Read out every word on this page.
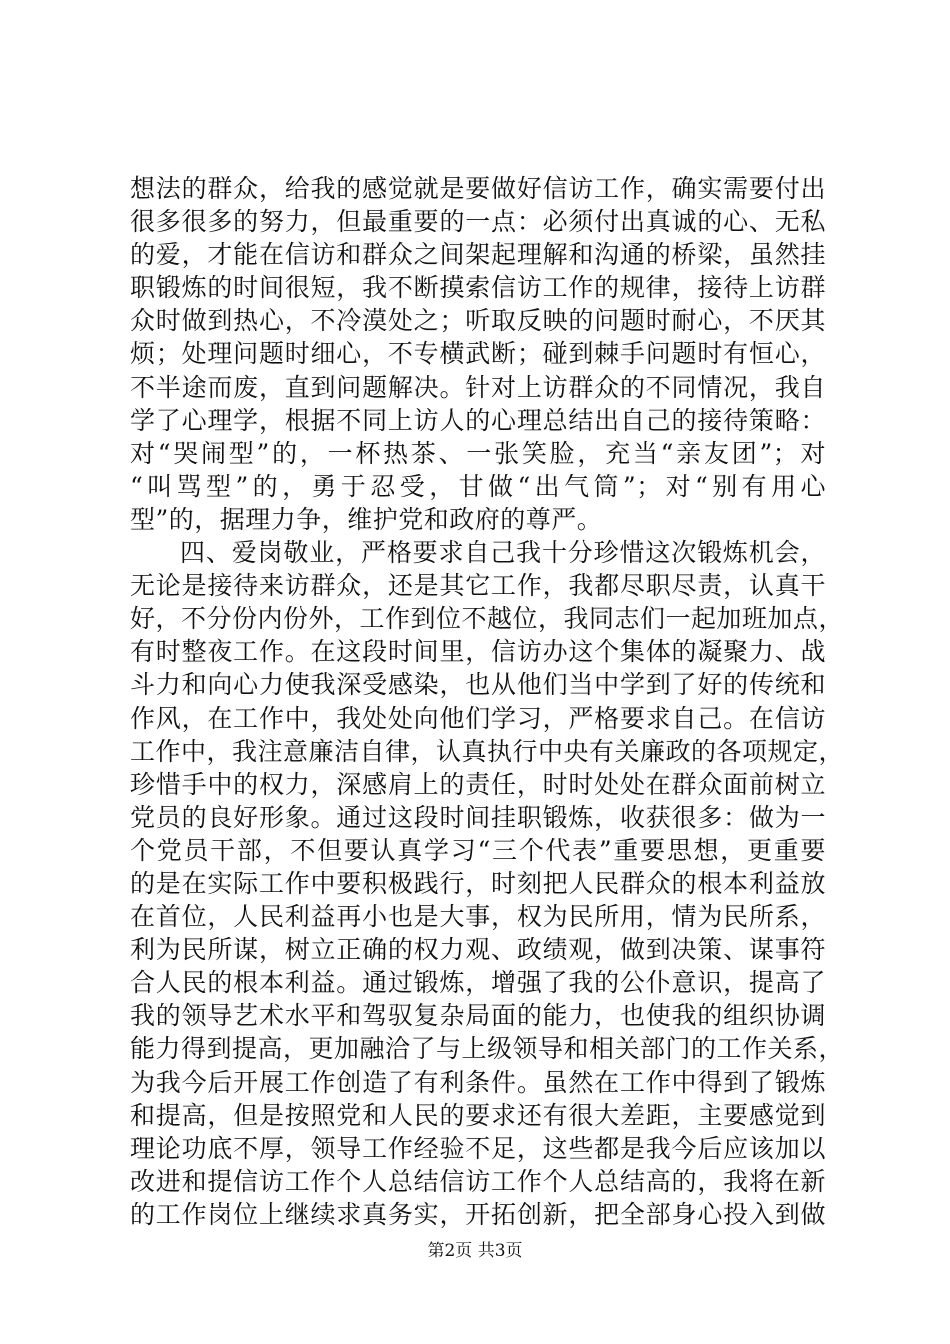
想法的群众，给我的感觉就是要做好信访工作，确实需要付出
很多很多的努力，但最重要的一点：必须付出真诚的心、无私
的爱，才能在信访和群众之间架起理解和沟通的桥梁，虽然挂
职锻炼的时间很短，我不断摸索信访工作的规律，接待上访群
众时做到热心，不冷漠处之；听取反映的问题时耐心，不厌其
烦；处理问题时细心，不专横武断；碰到棘手问题时有恒心，
不半途而废，直到问题解决。针对上访群众的不同情况，我自
学了心理学，根据不同上访人的心理总结出自己的接待策略：
对“哭闹型”的，一杯热茶、一张笑脸，充当“亲友团”；对
“叫骂型”的，勇于忍受，甘做“出气筒”；对“别有用心
型”的，据理力争，维护党和政府的尊严。
四、爱岗敬业，严格要求自己我十分珍惜这次锻炼机会，
无论是接待来访群众，还是其它工作，我都尽职尽责，认真干
好，不分份内份外，工作到位不越位，我同志们一起加班加点，
有时整夜工作。在这段时间里，信访办这个集体的凝聚力、战
斗力和向心力使我深受感染，也从他们当中学到了好的传统和
作风，在工作中，我处处向他们学习，严格要求自己。在信访
工作中，我注意廉洁自律，认真执行中央有关廉政的各项规定，
珍惜手中的权力，深感肩上的责任，时时处处在群众面前树立
党员的良好形象。通过这段时间挂职锻炼，收获很多：做为一
个党员干部，不但要认真学习“三个代表”重要思想，更重要
的是在实际工作中要积极践行，时刻把人民群众的根本利益放
在首位，人民利益再小也是大事，权为民所用，情为民所系，
利为民所谋，树立正确的权力观、政绩观，做到决策、谋事符
合人民的根本利益。通过锻炼，增强了我的公仆意识，提高了
我的领导艺术水平和驾驭复杂局面的能力，也使我的组织协调
能力得到提高，更加融洽了与上级领导和相关部门的工作关系，
为我今后开展工作创造了有利条件。虽然在工作中得到了锻炼
和提高，但是按照党和人民的要求还有很大差距，主要感觉到
理论功底不厚，领导工作经验不足，这些都是我今后应该加以
改进和提信访工作个人总结信访工作个人总结高的，我将在新
的工作岗位上继续求真务实，开拓创新，把全部身心投入到做
第2页 共3页
